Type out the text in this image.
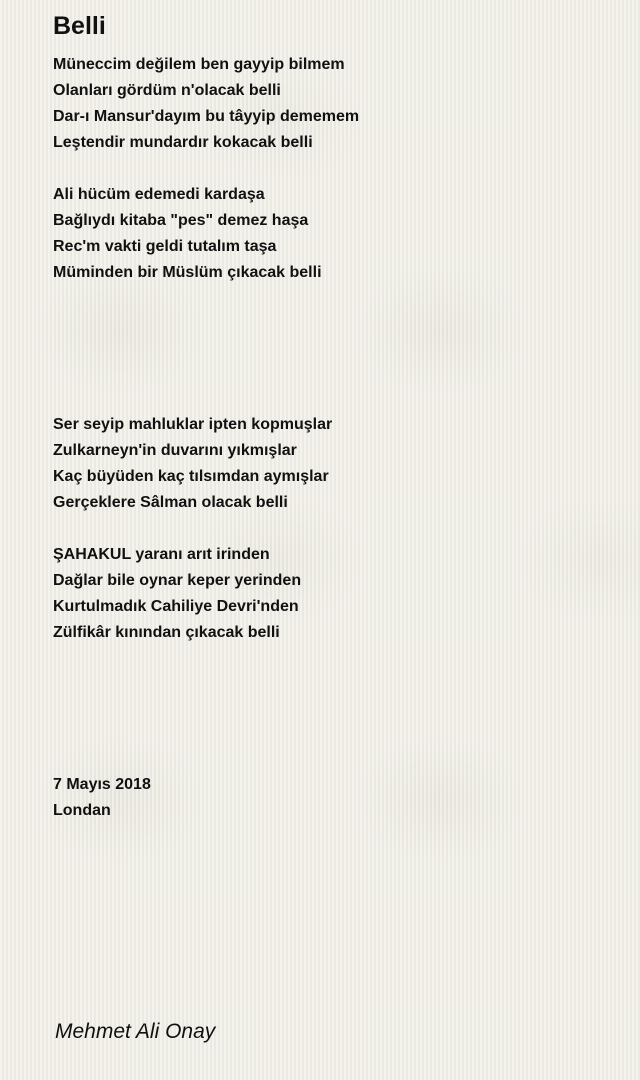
Belli
Müneccim değilem ben gayyip bilmem
Olanları gördüm n'olacak belli
Dar-ı Mansur'dayım bu tâyyip dememem
Leştendir mundardır kokacak belli
Ali hücüm edemedi kardaşa
Bağlıydı kitaba "pes" demez haşa
Rec'm vakti geldi tutalım taşa
Müminden bir Müslüm çıkacak belli
Ser seyip mahluklar ipten kopmuşlar
Zulkarneyn'in duvarını yıkmışlar
Kaç büyüden kaç tılsımdan aymışlar
Gerçeklere Sâlman olacak belli
ŞAHAKUL yaranı arıt irinden
Dağlar bile oynar keper yerinden
Kurtulmadık Cahiliye Devri'nden
Zülfikâr kınından çıkacak belli
7 Mayıs 2018
Londan
Mehmet Ali Onay
